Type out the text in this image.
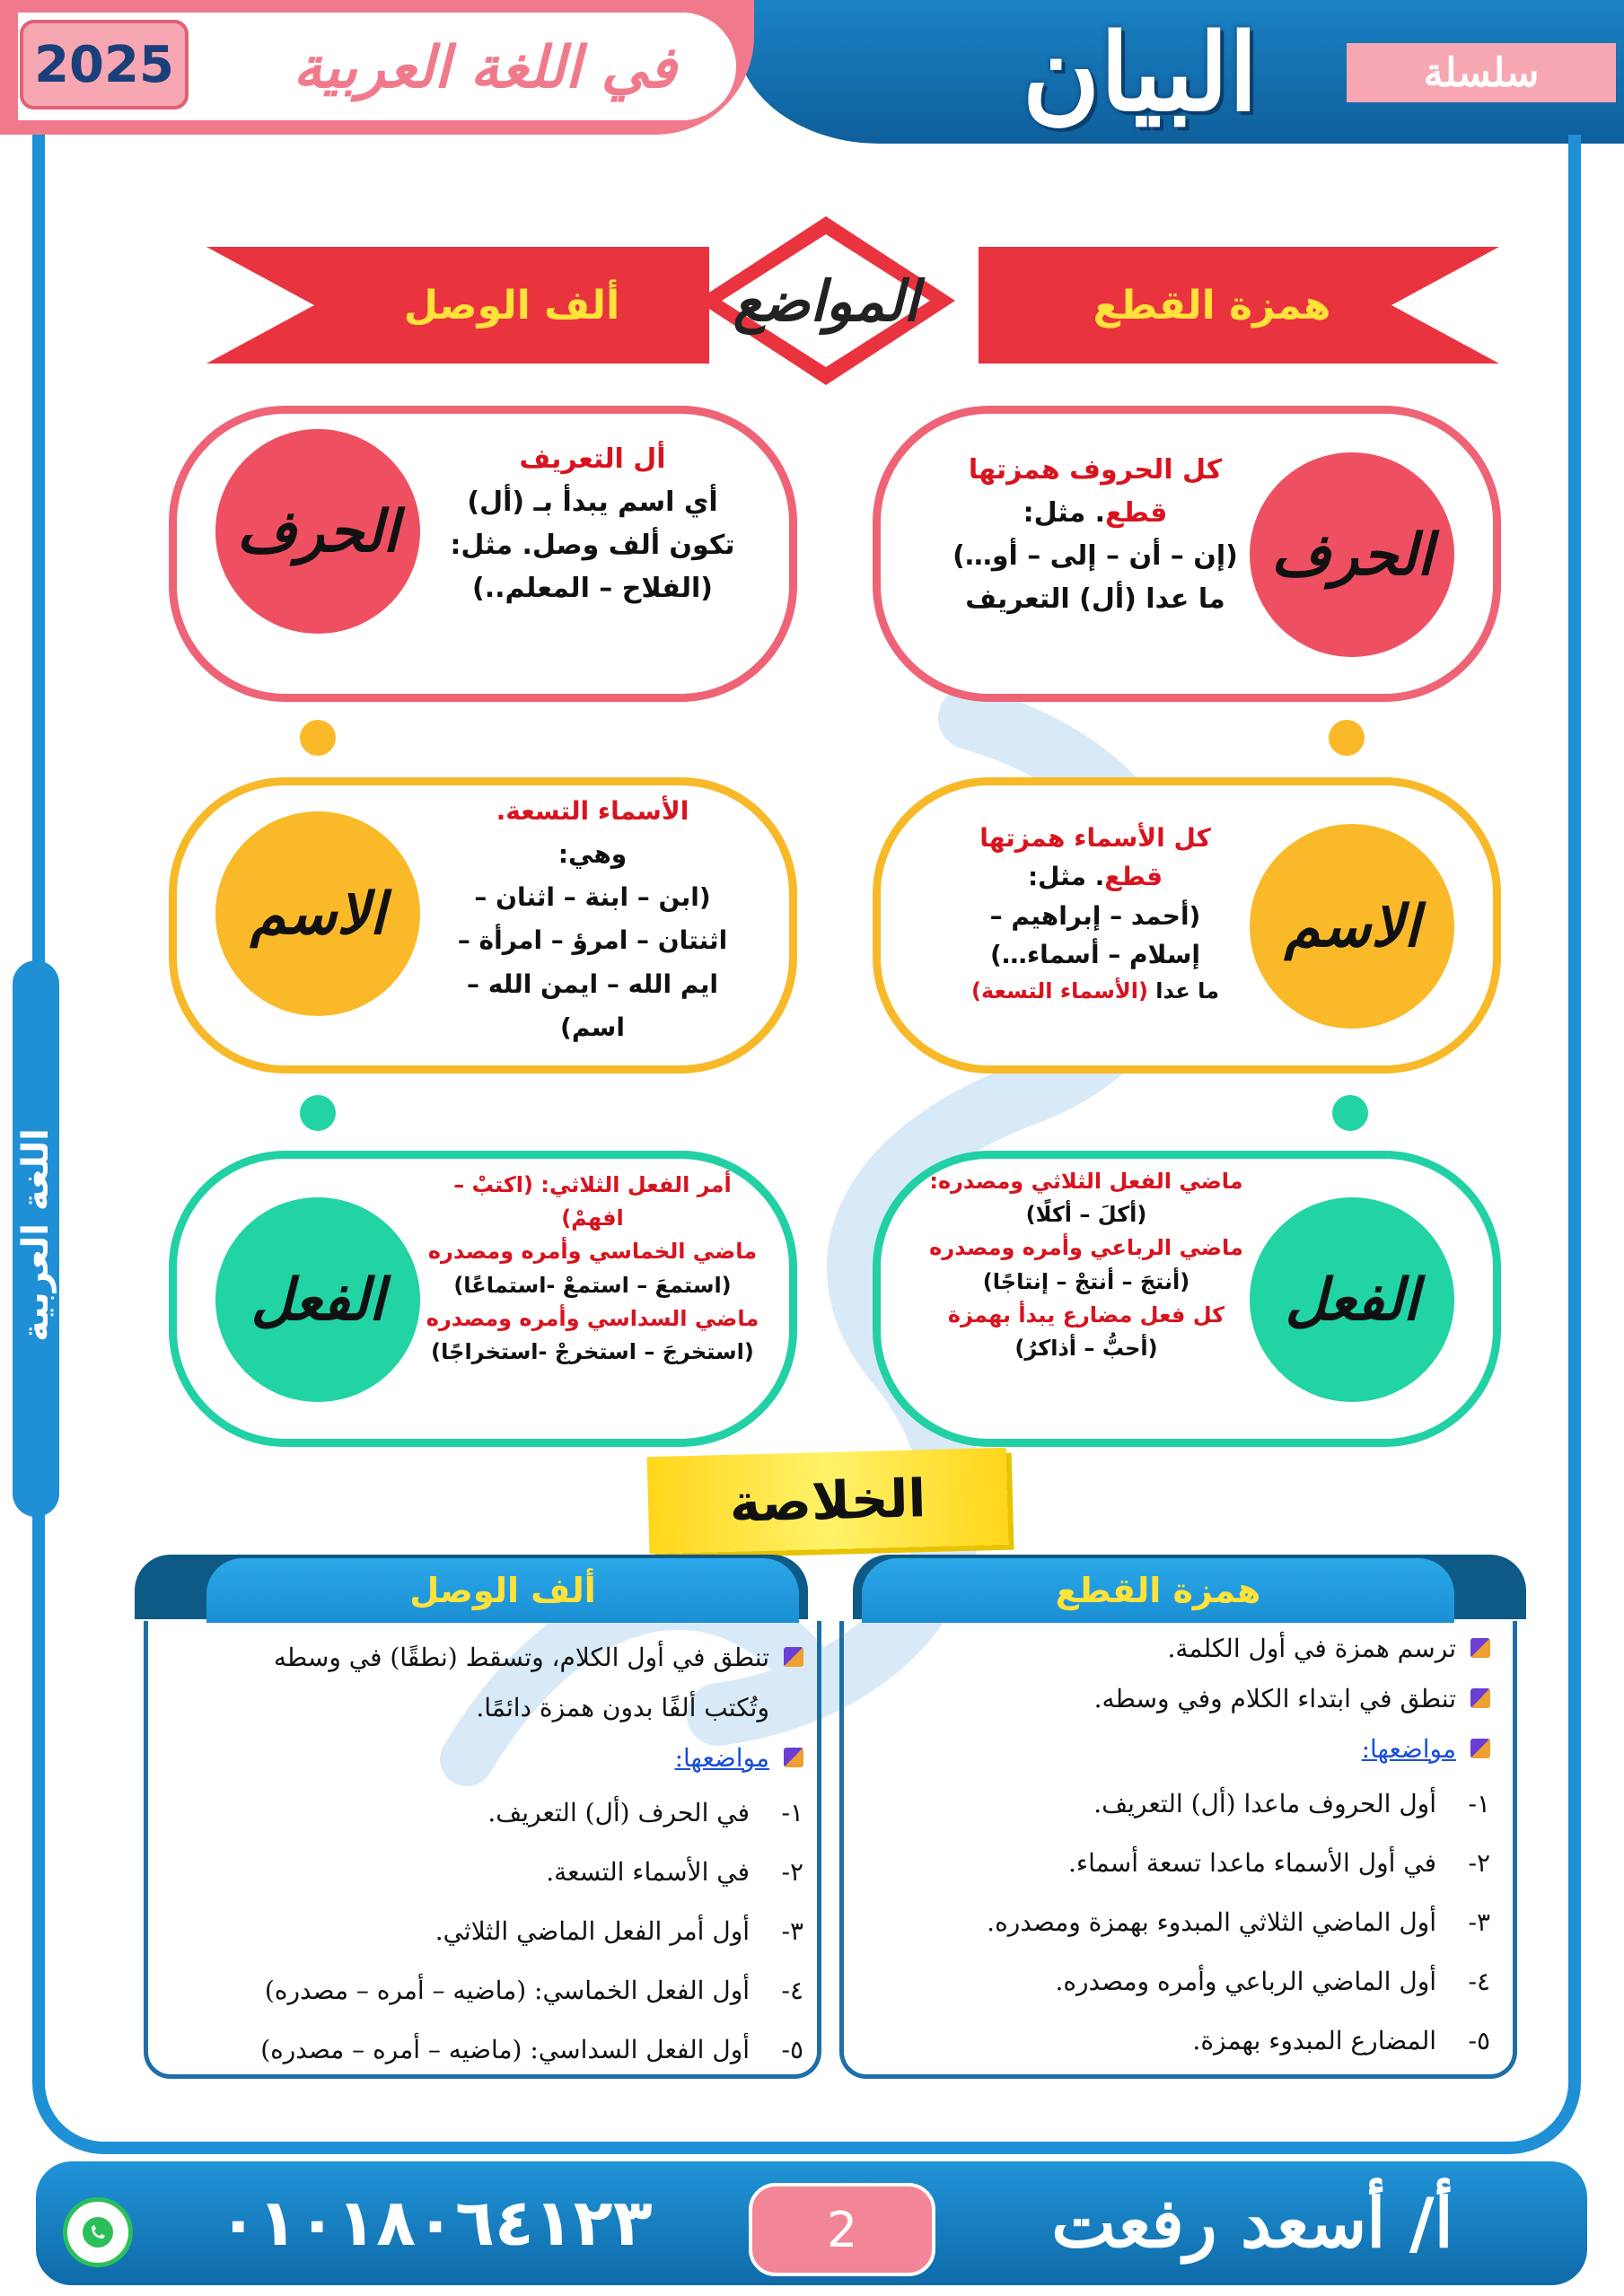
2025	في اللغة العربية	البيان	سلسلة
اللغة العربية
المواضع	همزة القطع
ألف الوصل
الحرف
كل الحروف همزتها
قطع. مثل:
(إن – أن – إلى – أو…)
ما عدا (أل) التعريف
الحرف
أل التعريف
أي اسم يبدأ بـ (أل)
تكون ألف وصل. مثل:
(الفلاح – المعلم..)
الاسم
كل الأسماء همزتها
قطع. مثل:
(أحمد – إبراهيم –
إسلام – أسماء…)
ما عدا (الأسماء التسعة)
الاسم
الأسماء التسعة.
وهي:
(ابن – ابنة – اثنان –
اثنتان – امرؤ – امرأة –
ايم الله – ايمن الله –
اسم)
الفعل
ماضي الفعل الثلاثي ومصدره:
(أكلَ – أكلًا)
ماضي الرباعي وأمره ومصدره
(أنتجَ – أنتجْ – إنتاجًا)
كل فعل مضارع يبدأ بهمزة
(أحبُّ – أذاكرُ)
الفعل
أمر الفعل الثلاثي: (اكتبْ –
افهمْ)
ماضي الخماسي وأمره ومصدره
(استمعَ – استمعْ -استماعًا)
ماضي السداسي وأمره ومصدره
(استخرجَ – استخرجْ -استخراجًا)
الخلاصة
همزة القطع
ترسم همزة في أول الكلمة.
تنطق في ابتداء الكلام وفي وسطه.
مواضعها:
١-
أول الحروف ماعدا (أل) التعريف.
٢-
في أول الأسماء ماعدا تسعة أسماء.
٣-
أول الماضي الثلاثي المبدوء بهمزة ومصدره.
٤-
أول الماضي الرباعي وأمره ومصدره.
٥-
المضارع المبدوء بهمزة.
ألف الوصل
تنطق في أول الكلام، وتسقط (نطقًا) في وسطه
وتُكتب ألفًا بدون همزة دائمًا.
مواضعها:
١-
في الحرف (أل) التعريف.
٢-
في الأسماء التسعة.
٣-
أول أمر الفعل الماضي الثلاثي.
٤-
أول الفعل الخماسي: (ماضيه – أمره – مصدره)
٥-
أول الفعل السداسي: (ماضيه – أمره – مصدره)
أ/ أسعد رفعت
2
٠١٠١٨٠٦٤١٢٣
